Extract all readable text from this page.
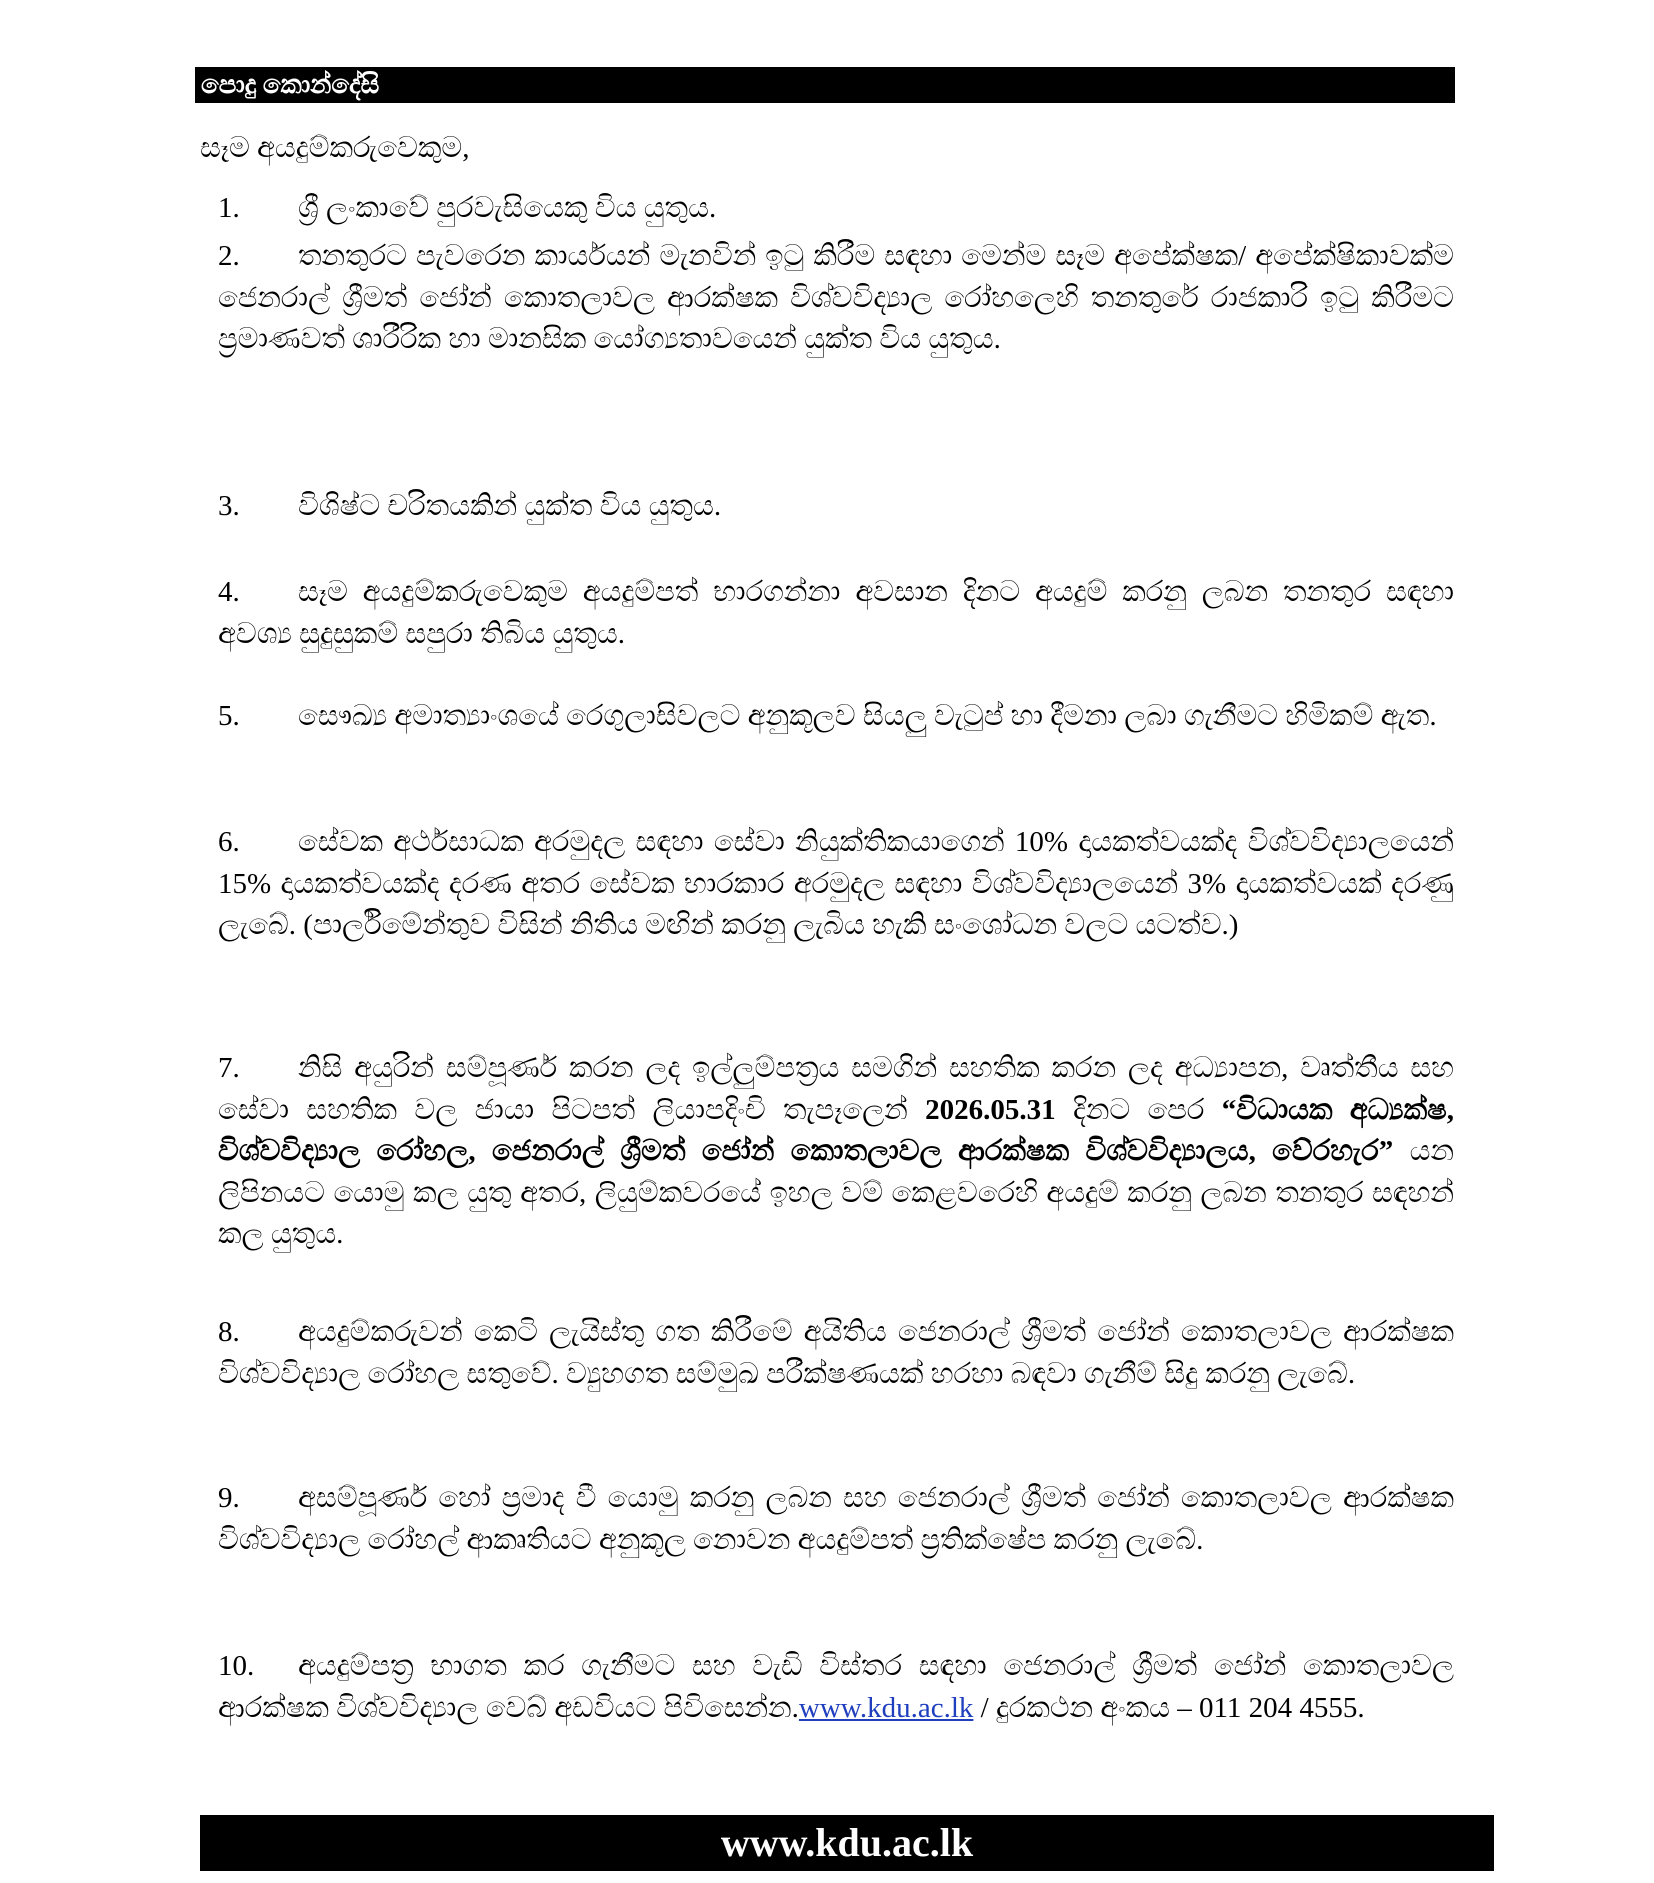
පොදු කොන්දේසි
සෑම අයදුම්කරුවෙකුම,
1. ශ්‍රී ලංකාවේ පුරවැසියෙකු විය යුතුය.
2. තනතුරට පැවරෙන කාර්යයන් මැනවින් ඉටු කිරීම සඳහා මෙන්ම සෑම අපේක්ෂක/ අපේක්ෂිකාවක්ම ජෙනරාල් ශ්‍රීමත් ජෝන් කොතලාවල ආරක්ෂක විශ්වවිද්‍යාල රෝහලෙහි තනතුරේ රාජකාරි ඉටු කිරීමට ප්‍රමාණවත් ශාරීරික හා මානසික යෝග්‍යතාවයෙන් යුක්ත විය යුතුය.
3. විශිෂ්ට චරිතයකින් යුක්ත විය යුතුය.
4. සෑම අයදුම්කරුවෙකුම අයදුම්පත් භාරගන්නා අවසාන දිනට අයදුම් කරනු ලබන තනතුර සඳහා අවශ්‍ය සුදුසුකම් සපුරා තිබිය යුතුය.
5. සෞඛ්‍ය අමාත්‍යාංශයේ රෙගුලාසිවලට අනුකූලව සියලු වැටුප් හා දීමනා ලබා ගැනීමට හිමිකම් ඇත.
6. සේවක අර්ථසාධක අරමුදල සඳහා සේවා නියුක්තිකයාගෙන් 10% දායකත්වයක්ද විශ්වවිද්‍යාලයෙන් 15% දායකත්වයක්ද දරණ අතර සේවක භාරකාර අරමුදල සඳහා විශ්වවිද්‍යාලයෙන් 3% දායකත්වයක් දරණු ලැබේ. (පාර්ලිමේන්තුව විසින් නිතිය මඟින් කරනු ලැබිය හැකි සංශෝධන වලට යටත්ව.)
7. නිසි අයුරින් සම්පූර්ණ කරන ලද ඉල්ලුම්පත්‍රය සමගින් සහතික කරන ලද අධ්‍යාපන, වෘත්තීය සහ සේවා සහතික වල ජායා පිටපත් ලියාපදිංචි තැපෑලෙන් 2026.05.31 දිනට පෙර “විධායක අධ්‍යක්ෂ, විශ්වවිද්‍යාල රෝහල, ජෙනරාල් ශ්‍රීමත් ජෝන් කොතලාවල ආරක්ෂක විශ්වවිද්‍යාලය, වේරහැර” යන ලිපිනයට යොමු කල යුතු අතර, ලියුම්කවරයේ ඉහල වම් කෙළවරෙහි අයදුම් කරනු ලබන තනතුර සඳහන් කල යුතුය.
8. අයදුම්කරුවන් කෙටි ලැයිස්තු ගත කිරීමේ අයිතිය ජෙනරාල් ශ්‍රීමත් ජෝන් කොතලාවල ආරක්ෂක විශ්වවිද්‍යාල රෝහල සතුවේ. ව්‍යුහගත සම්මුඛ පරීක්ෂණයක් හරහා බඳවා ගැනීම් සිදු කරනු ලැබේ.
9. අසම්පූර්ණ හෝ ප්‍රමාද වී යොමු කරනු ලබන සහ ජෙනරාල් ශ්‍රීමත් ජෝන් කොතලාවල ආරක්ෂක විශ්වවිද්‍යාල රෝහල් ආකෘතියට අනුකූල නොවන අයදුම්පත් ප්‍රතික්ෂේප කරනු ලැබේ.
10. අයදුම්පත්‍ර භාගත කර ගැනීමට සහ වැඩි විස්තර සඳහා ජෙනරාල් ශ්‍රීමත් ජෝන් කොතලාවල ආරක්ෂක විශ්වවිද්‍යාල වෙබ් අඩවියට පිවිසෙන්න.www.kdu.ac.lk / දුරකථන අංකය – 011 204 4555.
www.kdu.ac.lk
